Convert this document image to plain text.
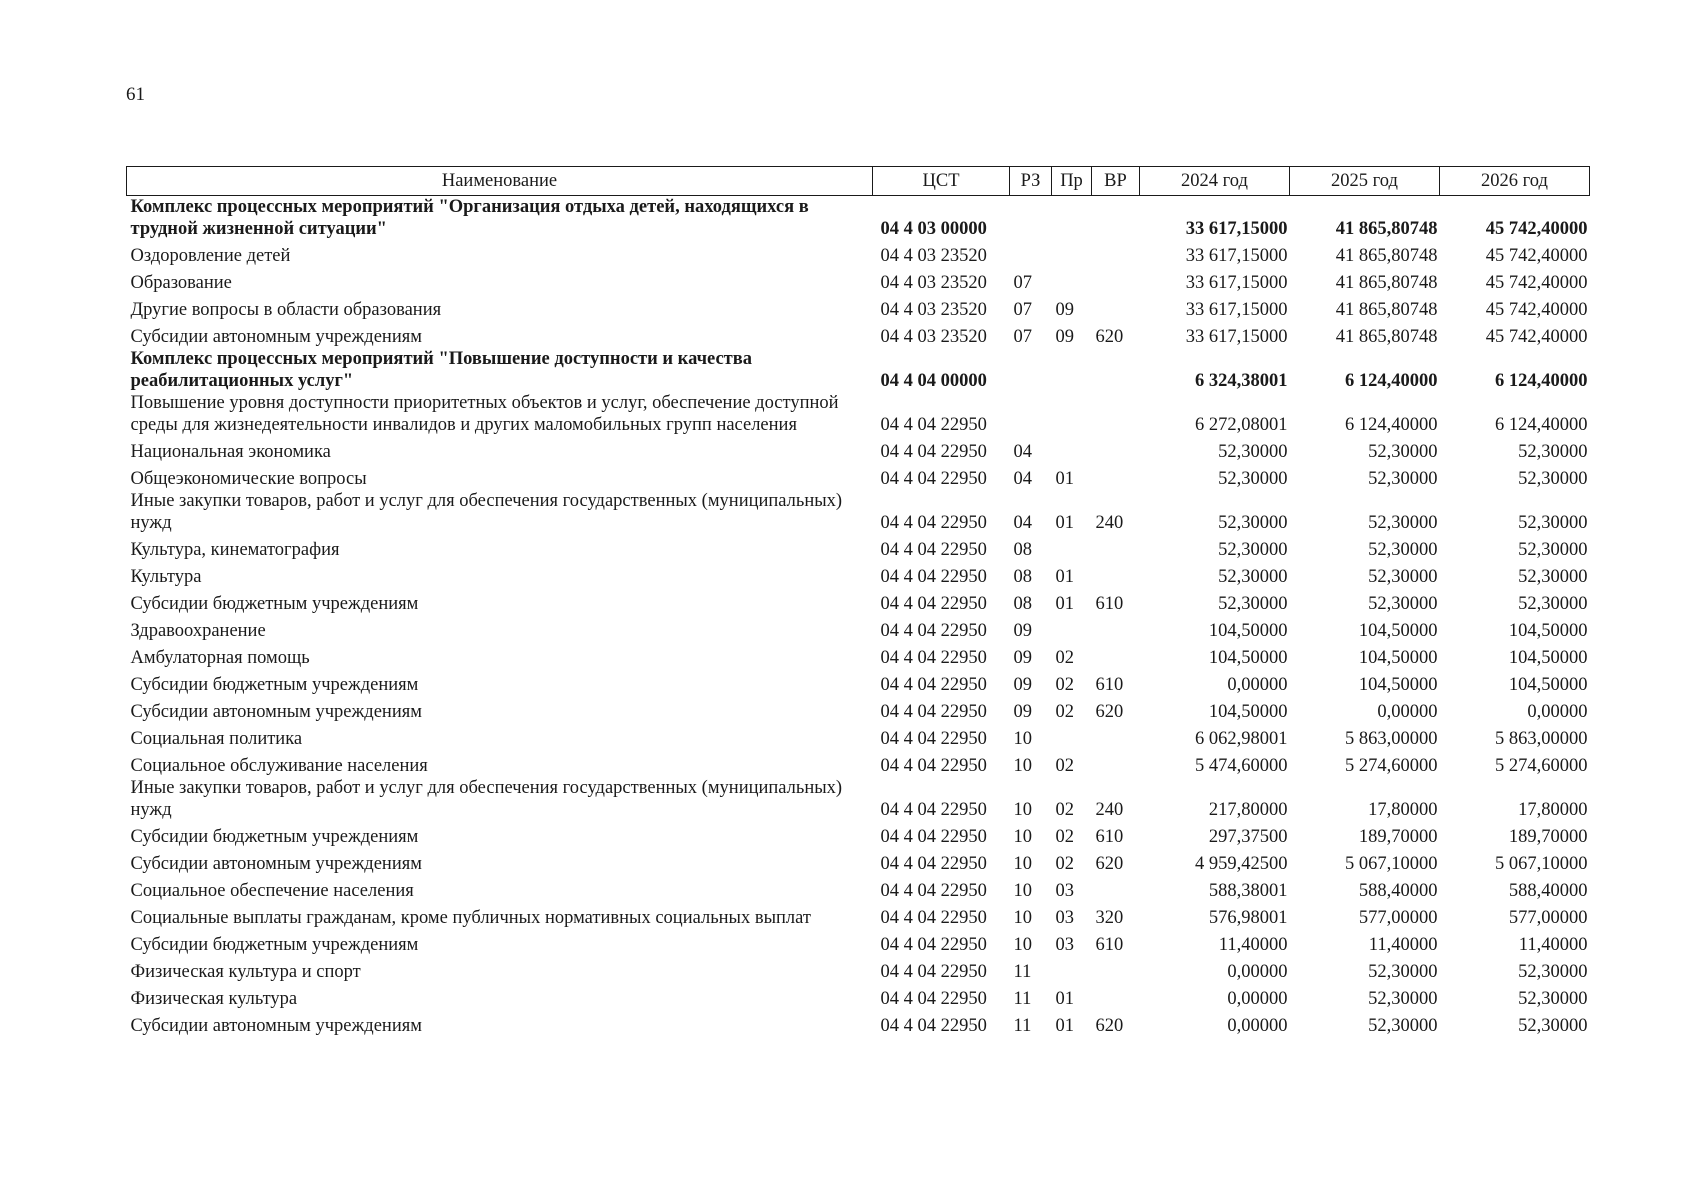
61
Наименование	ЦСТ	РЗ	Пр	ВР	2024 год	2025 год	2026 год
Комплекс процессных мероприятий "Организация отдыха детей, находящихся в трудной жизненной ситуации"	04 4 03 00000				33 617,15000	41 865,80748	45 742,40000
Оздоровление детей	04 4 03 23520				33 617,15000	41 865,80748	45 742,40000
Образование	04 4 03 23520	07			33 617,15000	41 865,80748	45 742,40000
Другие вопросы в области образования	04 4 03 23520	07	09		33 617,15000	41 865,80748	45 742,40000
Субсидии автономным учреждениям	04 4 03 23520	07	09	620	33 617,15000	41 865,80748	45 742,40000
Комплекс процессных мероприятий "Повышение доступности и качества реабилитационных услуг"	04 4 04 00000				6 324,38001	6 124,40000	6 124,40000
Повышение уровня доступности приоритетных объектов и услуг, обеспечение доступной среды для жизнедеятельности инвалидов и других маломобильных групп населения	04 4 04 22950				6 272,08001	6 124,40000	6 124,40000
Национальная экономика	04 4 04 22950	04			52,30000	52,30000	52,30000
Общеэкономические вопросы	04 4 04 22950	04	01		52,30000	52,30000	52,30000
Иные закупки товаров, работ и услуг для обеспечения государственных (муниципальных) нужд	04 4 04 22950	04	01	240	52,30000	52,30000	52,30000
Культура, кинематография	04 4 04 22950	08			52,30000	52,30000	52,30000
Культура	04 4 04 22950	08	01		52,30000	52,30000	52,30000
Субсидии бюджетным учреждениям	04 4 04 22950	08	01	610	52,30000	52,30000	52,30000
Здравоохранение	04 4 04 22950	09			104,50000	104,50000	104,50000
Амбулаторная помощь	04 4 04 22950	09	02		104,50000	104,50000	104,50000
Субсидии бюджетным учреждениям	04 4 04 22950	09	02	610	0,00000	104,50000	104,50000
Субсидии автономным учреждениям	04 4 04 22950	09	02	620	104,50000	0,00000	0,00000
Социальная политика	04 4 04 22950	10			6 062,98001	5 863,00000	5 863,00000
Социальное обслуживание населения	04 4 04 22950	10	02		5 474,60000	5 274,60000	5 274,60000
Иные закупки товаров, работ и услуг для обеспечения государственных (муниципальных) нужд	04 4 04 22950	10	02	240	217,80000	17,80000	17,80000
Субсидии бюджетным учреждениям	04 4 04 22950	10	02	610	297,37500	189,70000	189,70000
Субсидии автономным учреждениям	04 4 04 22950	10	02	620	4 959,42500	5 067,10000	5 067,10000
Социальное обеспечение населения	04 4 04 22950	10	03		588,38001	588,40000	588,40000
Социальные выплаты гражданам, кроме публичных нормативных социальных выплат	04 4 04 22950	10	03	320	576,98001	577,00000	577,00000
Субсидии бюджетным учреждениям	04 4 04 22950	10	03	610	11,40000	11,40000	11,40000
Физическая культура и спорт	04 4 04 22950	11			0,00000	52,30000	52,30000
Физическая культура	04 4 04 22950	11	01		0,00000	52,30000	52,30000
Субсидии автономным учреждениям	04 4 04 22950	11	01	620	0,00000	52,30000	52,30000
